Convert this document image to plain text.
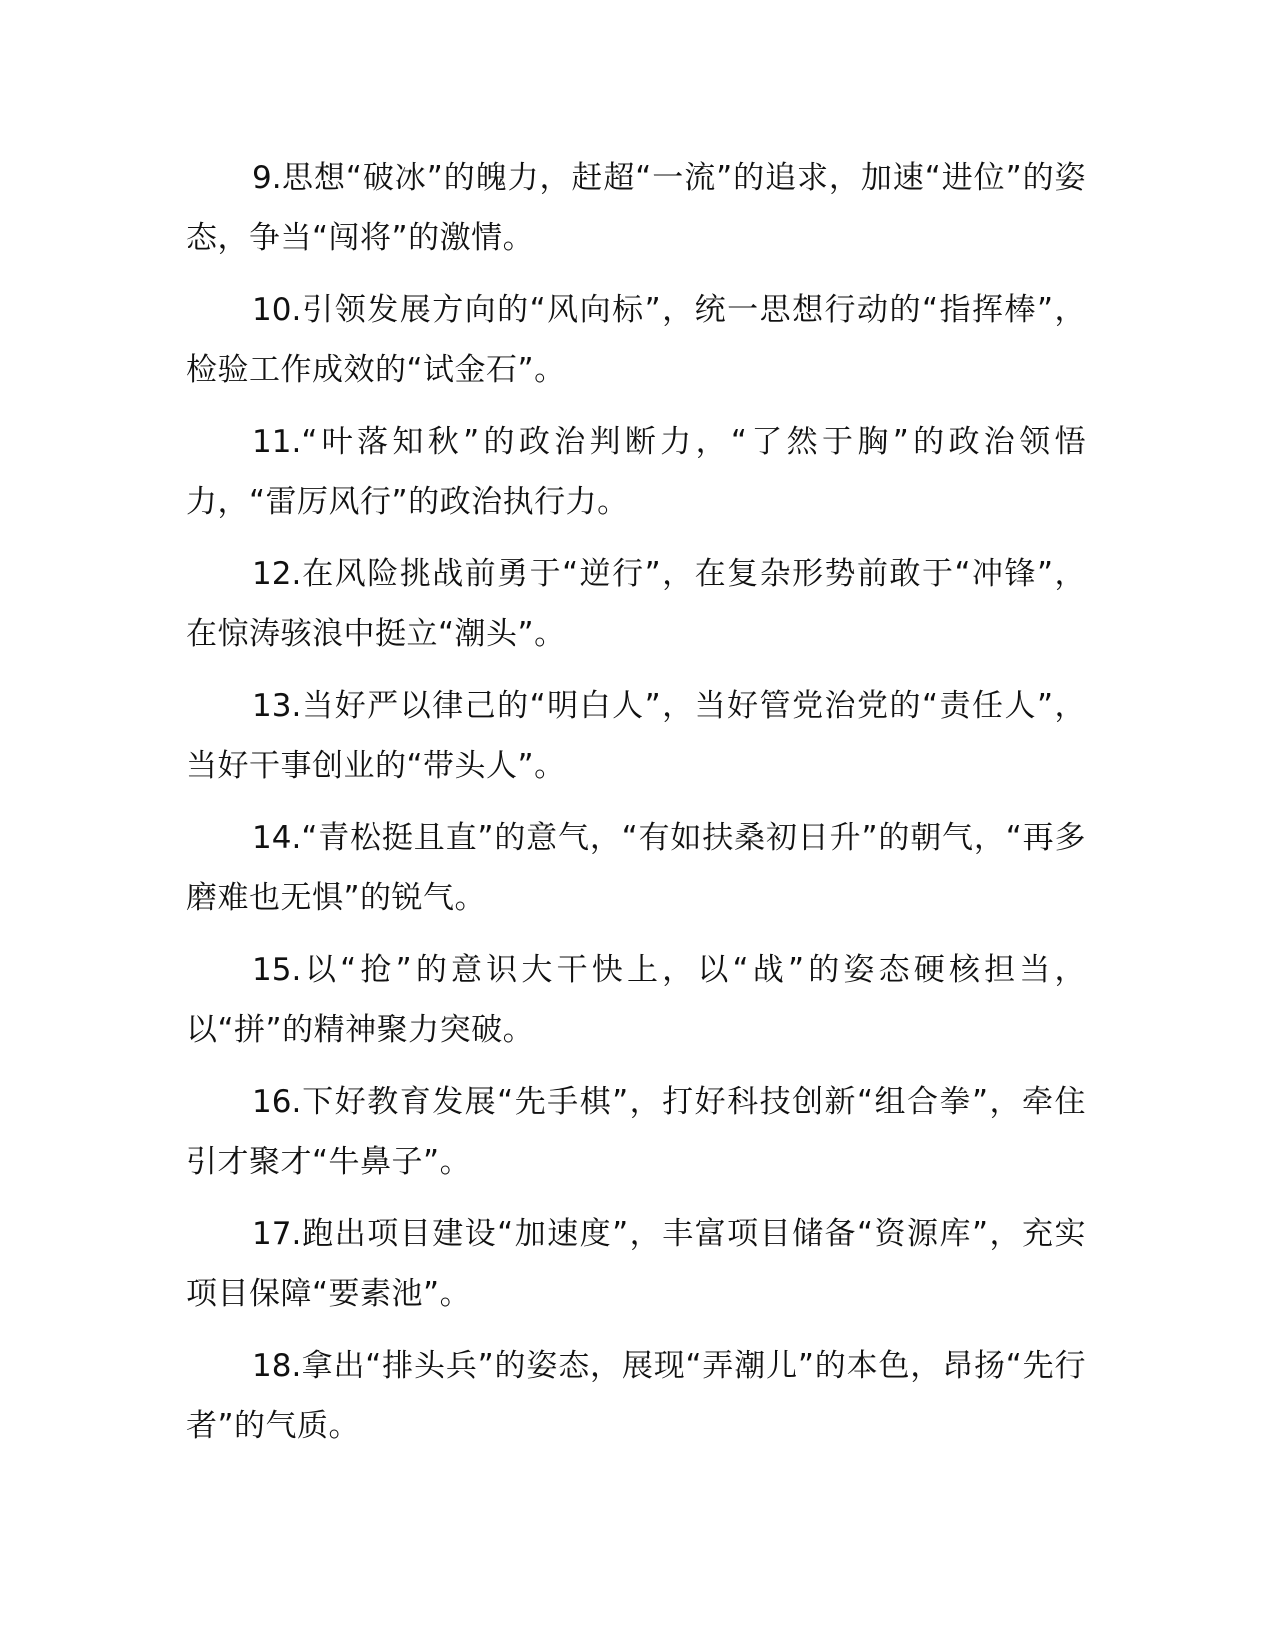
9.思想“破冰”的魄力，赶超“一流”的追求，加速“进位”的姿态，争当“闯将”的激情。

10.引领发展方向的“风向标”，统一思想行动的“指挥棒”，检验工作成效的“试金石”。

11.“叶落知秋”的政治判断力，“了然于胸”的政治领悟力，“雷厉风行”的政治执行力。

12.在风险挑战前勇于“逆行”，在复杂形势前敢于“冲锋”，在惊涛骇浪中挺立“潮头”。

13.当好严以律己的“明白人”，当好管党治党的“责任人”，当好干事创业的“带头人”。

14.“青松挺且直”的意气，“有如扶桑初日升”的朝气，“再多磨难也无惧”的锐气。

15.以“抢”的意识大干快上，以“战”的姿态硬核担当，以“拼”的精神聚力突破。

16.下好教育发展“先手棋”，打好科技创新“组合拳”，牵住引才聚才“牛鼻子”。

17.跑出项目建设“加速度”，丰富项目储备“资源库”，充实项目保障“要素池”。

18.拿出“排头兵”的姿态，展现“弄潮儿”的本色，昂扬“先行者”的气质。
